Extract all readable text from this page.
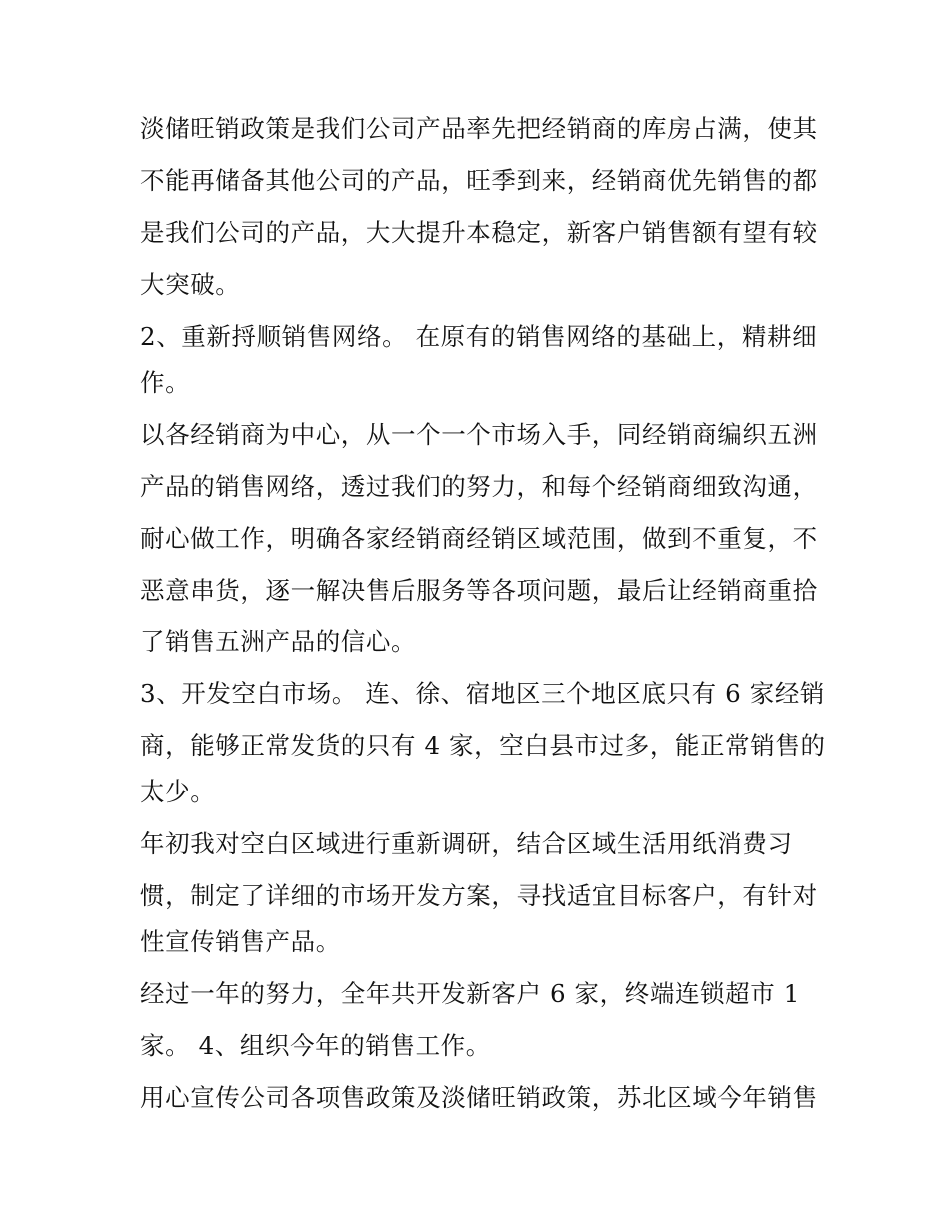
淡储旺销政策是我们公司产品率先把经销商的库房占满，使其
不能再储备其他公司的产品，旺季到来，经销商优先销售的都
是我们公司的产品，大大提升本稳定，新客户销售额有望有较
大突破。
2、重新捋顺销售网络。 在原有的销售网络的基础上，精耕细
作。
以各经销商为中心，从一个一个市场入手，同经销商编织五洲
产品的销售网络，透过我们的努力，和每个经销商细致沟通，
耐心做工作，明确各家经销商经销区域范围，做到不重复，不
恶意串货，逐一解决售后服务等各项问题，最后让经销商重拾
了销售五洲产品的信心。
3、开发空白市场。 连、徐、宿地区三个地区底只有 6 家经销
商，能够正常发货的只有 4 家，空白县市过多，能正常销售的
太少。
年初我对空白区域进行重新调研，结合区域生活用纸消费习
惯，制定了详细的市场开发方案，寻找适宜目标客户，有针对
性宣传销售产品。
经过一年的努力，全年共开发新客户 6 家，终端连锁超市 1
家。 4、组织今年的销售工作。
用心宣传公司各项售政策及淡储旺销政策，苏北区域今年销售
